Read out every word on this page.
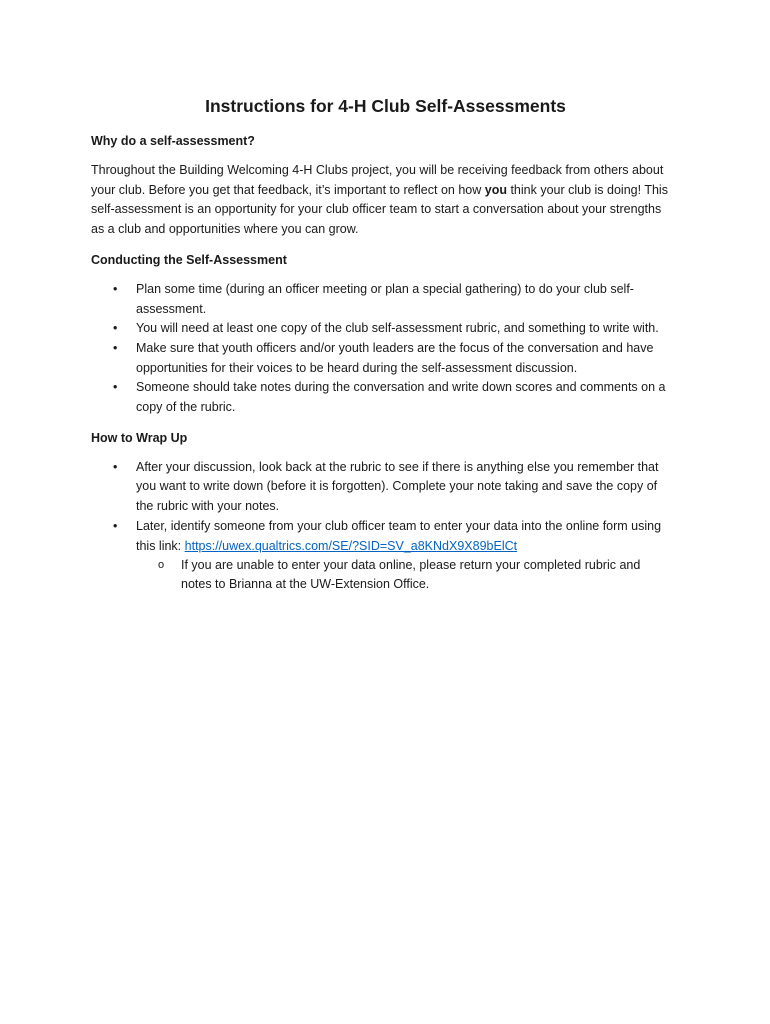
Instructions for 4-H Club Self-Assessments
Why do a self-assessment?

Throughout the Building Welcoming 4-H Clubs project, you will be receiving feedback from others about your club. Before you get that feedback, it’s important to reflect on how you think your club is doing! This self-assessment is an opportunity for your club officer team to start a conversation about your strengths as a club and opportunities where you can grow.

Conducting the Self-Assessment
• Plan some time (during an officer meeting or plan a special gathering) to do your club self-assessment.
• You will need at least one copy of the club self-assessment rubric, and something to write with.
• Make sure that youth officers and/or youth leaders are the focus of the conversation and have opportunities for their voices to be heard during the self-assessment discussion.
• Someone should take notes during the conversation and write down scores and comments on a copy of the rubric.
How to Wrap Up
• After your discussion, look back at the rubric to see if there is anything else you remember that you want to write down (before it is forgotten). Complete your note taking and save the copy of the rubric with your notes.
• Later, identify someone from your club officer team to enter your data into the online form using this link: https://uwex.qualtrics.com/SE/?SID=SV_a8KNdX9X89bElCt
o If you are unable to enter your data online, please return your completed rubric and notes to Brianna at the UW-Extension Office.
